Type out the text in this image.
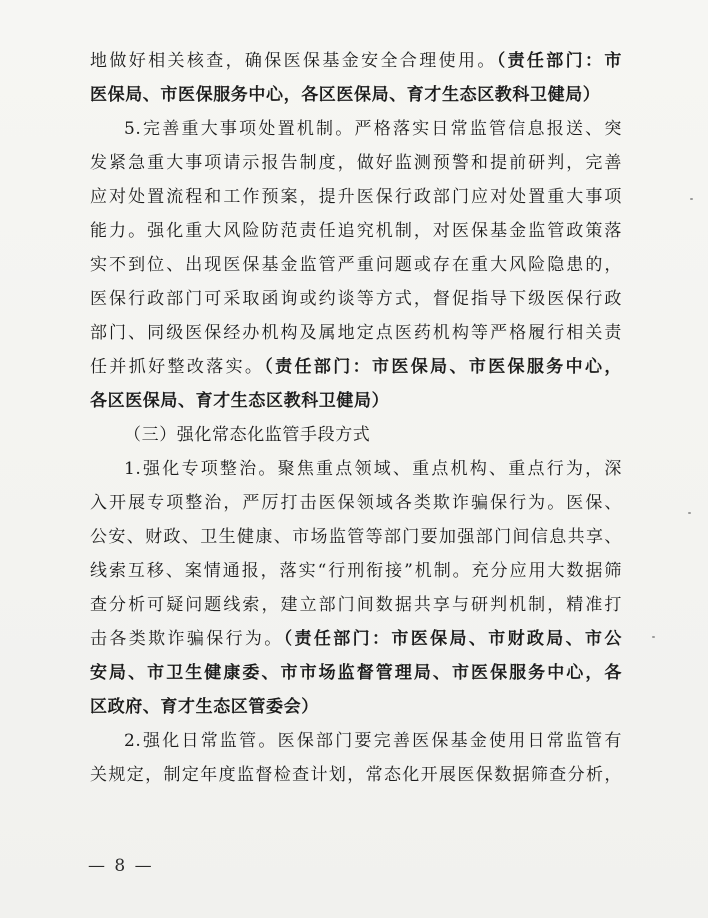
地做好相关核查，确保医保基金安全合理使用。（责任部门：市
医保局、市医保服务中心，各区医保局、育才生态区教科卫健局）
5.完善重大事项处置机制。严格落实日常监管信息报送、突
发紧急重大事项请示报告制度，做好监测预警和提前研判，完善
应对处置流程和工作预案，提升医保行政部门应对处置重大事项
能力。强化重大风险防范责任追究机制，对医保基金监管政策落
实不到位、出现医保基金监管严重问题或存在重大风险隐患的，
医保行政部门可采取函询或约谈等方式，督促指导下级医保行政
部门、同级医保经办机构及属地定点医药机构等严格履行相关责
任并抓好整改落实。（责任部门：市医保局、市医保服务中心，
各区医保局、育才生态区教科卫健局）
（三）强化常态化监管手段方式
1.强化专项整治。聚焦重点领域、重点机构、重点行为，深
入开展专项整治，严厉打击医保领域各类欺诈骗保行为。医保、
公安、财政、卫生健康、市场监管等部门要加强部门间信息共享、
线索互移、案情通报，落实“行刑衔接”机制。充分应用大数据筛
查分析可疑问题线索，建立部门间数据共享与研判机制，精准打
击各类欺诈骗保行为。（责任部门：市医保局、市财政局、市公
安局、市卫生健康委、市市场监督管理局、市医保服务中心，各
区政府、育才生态区管委会）
2.强化日常监管。医保部门要完善医保基金使用日常监管有
关规定，制定年度监督检查计划，常态化开展医保数据筛查分析，
— 8 —
